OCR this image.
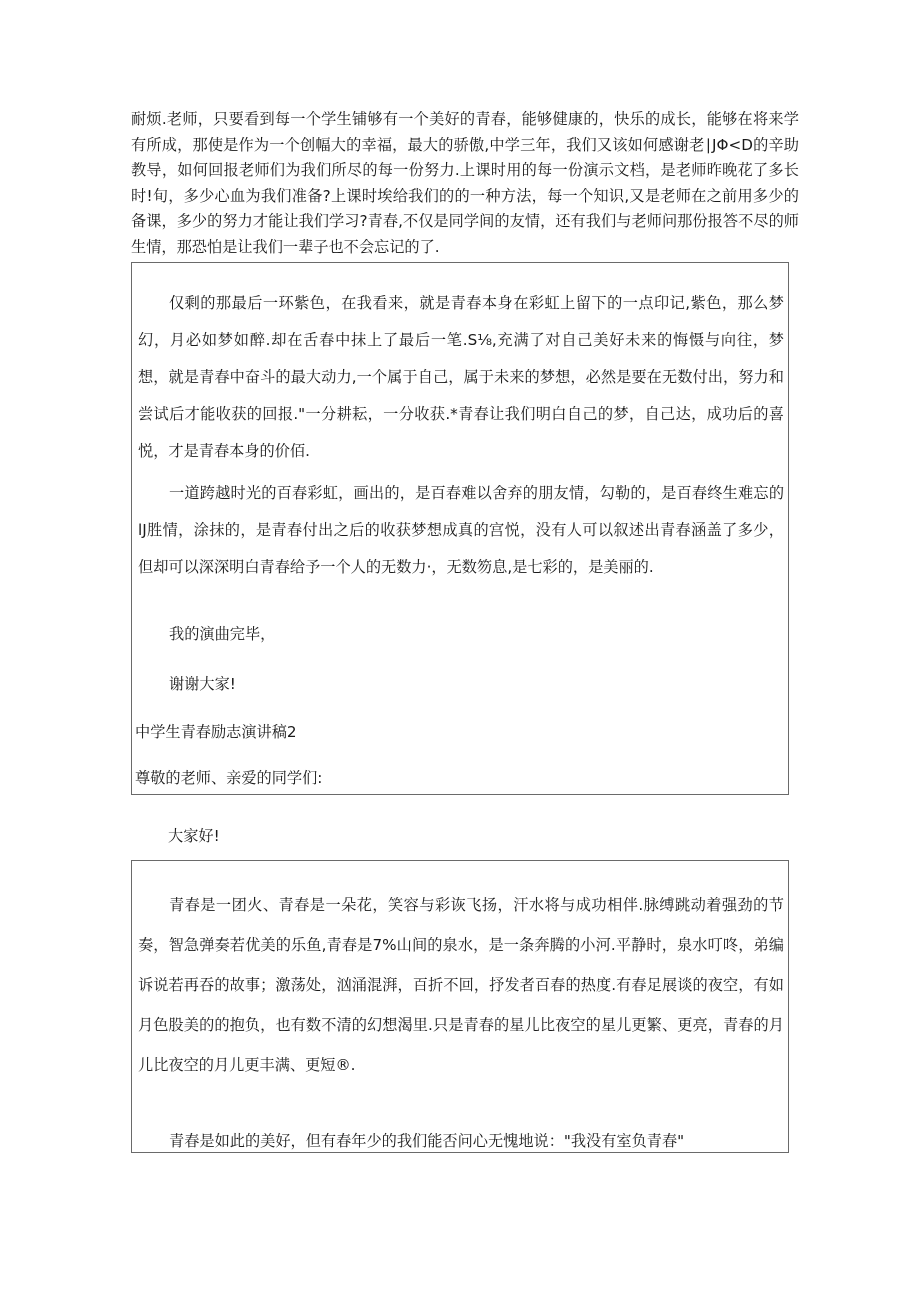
耐烦.老师，只要看到每一个学生铺够有一个美好的青春，能够健康的，快乐的成长，能够在将来学有所成，那使是作为一个创幅大的幸福，最大的骄傲,中学三年，我们又该如何感谢老∣JΦ<D的辛助教导，如何回报老师们为我们所尽的每一份努力.上课时用的每一份演示文档，是老师昨晚花了多长时!旬，多少心血为我们准备?上课时埃给我们的的一种方法，每一个知识,又是老师在之前用多少的备课，多少的努力才能让我们学习?青春,不仅是同学间的友情，还有我们与老师问那份报答不尽的师生情，那恐怕是让我们一辈子也不会忘记的了.

仅剩的那最后一环紫色，在我看来，就是青春本身在彩虹上留下的一点印记,紫色，那么梦幻，月必如梦如醉.却在舌春中抹上了最后一笔.S⅛,充满了对自己美好未来的悔慑与向往，梦想，就是青春中奋斗的最大动力,一个属于自己，属于未来的梦想，必然是要在无数付出，努力和尝试后才能收获的回报."一分耕耘，一分收获.*青春让我们明白自己的梦，自己达，成功后的喜悦，才是青春本身的价佰.

一道跨越时光的百春彩虹，画出的，是百春难以舍弃的朋友情，勾勒的，是百春终生难忘的lJ胜情，涂抹的，是青春付出之后的收获梦想成真的宫悦，没有人可以叙述出青春涵盖了多少，但却可以深深明白青春给予一个人的无数力·，无数笏息,是七彩的，是美丽的.

我的演曲完毕，

谢谢大家!

中学生青春励志演讲稿2

尊敬的老师、亲爱的同学们:

大家好!

青春是一团火、青春是一朵花，笑容与彩诙飞扬，汗水将与成功相伴.脉缚跳动着强劲的节奏，智急弹奏若优美的乐鱼,青春是7%山间的泉水，是一条奔腾的小河.平静时，泉水叮咚，弟编诉说若再吞的故事；激荡处，汹涌混湃，百折不回，抒发者百春的热度.有春足展谈的夜空，有如月色股美的的抱负，也有数不清的幻想渴里.只是青春的星儿比夜空的星儿更繁、更亮，青春的月儿比夜空的月儿更丰满、更短®.

青春是如此的美好，但有春年少的我们能否问心无愧地说："我没有室负青春"
